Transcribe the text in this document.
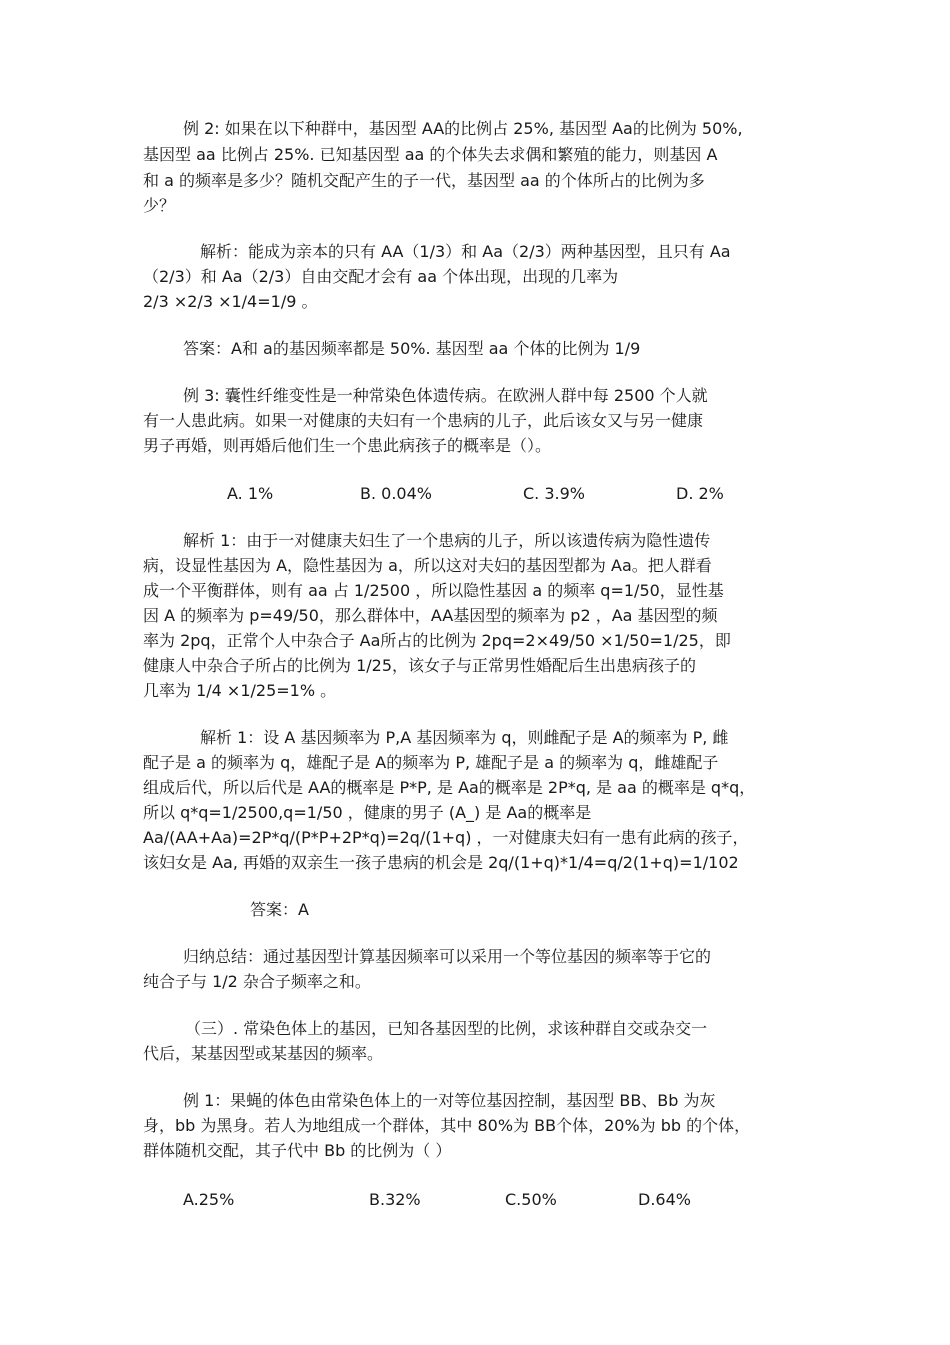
例 2: 如果在以下种群中，基因型 AA的比例占 25%, 基因型 Aa的比例为 50%,
基因型 aa 比例占 25%. 已知基因型 aa 的个体失去求偶和繁殖的能力，则基因 A
和 a 的频率是多少？随机交配产生的子一代，基因型 aa 的个体所占的比例为多
少？
解析：能成为亲本的只有 AA（1/3）和 Aa（2/3）两种基因型，且只有 Aa
（2/3）和 Aa（2/3）自由交配才会有 aa 个体出现，出现的几率为
2/3 ×2/3 ×1/4=1/9 。
答案：A和 a的基因频率都是 50%. 基因型 aa 个体的比例为 1/9
例 3: 囊性纤维变性是一种常染色体遗传病。在欧洲人群中每 2500 个人就
有一人患此病。如果一对健康的夫妇有一个患病的儿子，此后该女又与另一健康
男子再婚，则再婚后他们生一个患此病孩子的概率是（）。
A. 1%	B. 0.04%	C. 3.9%	D. 2%
解析 1：由于一对健康夫妇生了一个患病的儿子，所以该遗传病为隐性遗传
病，设显性基因为 A，隐性基因为 a，所以这对夫妇的基因型都为 Aa。把人群看
成一个平衡群体，则有 aa 占 1/2500 ，所以隐性基因 a 的频率 q=1/50，显性基
因 A 的频率为 p=49/50，那么群体中，AA基因型的频率为 p2 ，Aa 基因型的频
率为 2pq，正常个人中杂合子 Aa所占的比例为 2pq=2×49/50 ×1/50=1/25，即
健康人中杂合子所占的比例为 1/25，该女子与正常男性婚配后生出患病孩子的
几率为 1/4 ×1/25=1% 。
解析 1：设 A 基因频率为 P,A 基因频率为 q，则雌配子是 A的频率为 P, 雌
配子是 a 的频率为 q，雄配子是 A的频率为 P, 雄配子是 a 的频率为 q，雌雄配子
组成后代，所以后代是 AA的概率是 P*P, 是 Aa的概率是 2P*q, 是 aa 的概率是 q*q，
所以 q*q=1/2500,q=1/50 ，健康的男子 (A_) 是 Aa的概率是
Aa/(AA+Aa)=2P*q/(P*P+2P*q)=2q/(1+q) ，一对健康夫妇有一患有此病的孩子，
该妇女是 Aa, 再婚的双亲生一孩子患病的机会是 2q/(1+q)*1/4=q/2(1+q)=1/102
答案：A
归纳总结：通过基因型计算基因频率可以采用一个等位基因的频率等于它的
纯合子与 1/2 杂合子频率之和。
（三）. 常染色体上的基因，已知各基因型的比例，求该种群自交或杂交一
代后，某基因型或某基因的频率。
例 1：果蝇的体色由常染色体上的一对等位基因控制，基因型 BB、Bb 为灰
身，bb 为黑身。若人为地组成一个群体，其中 80%为 BB个体，20%为 bb 的个体，
群体随机交配，其子代中 Bb 的比例为（ ）
A.25%	B.32%	C.50%	D.64%
